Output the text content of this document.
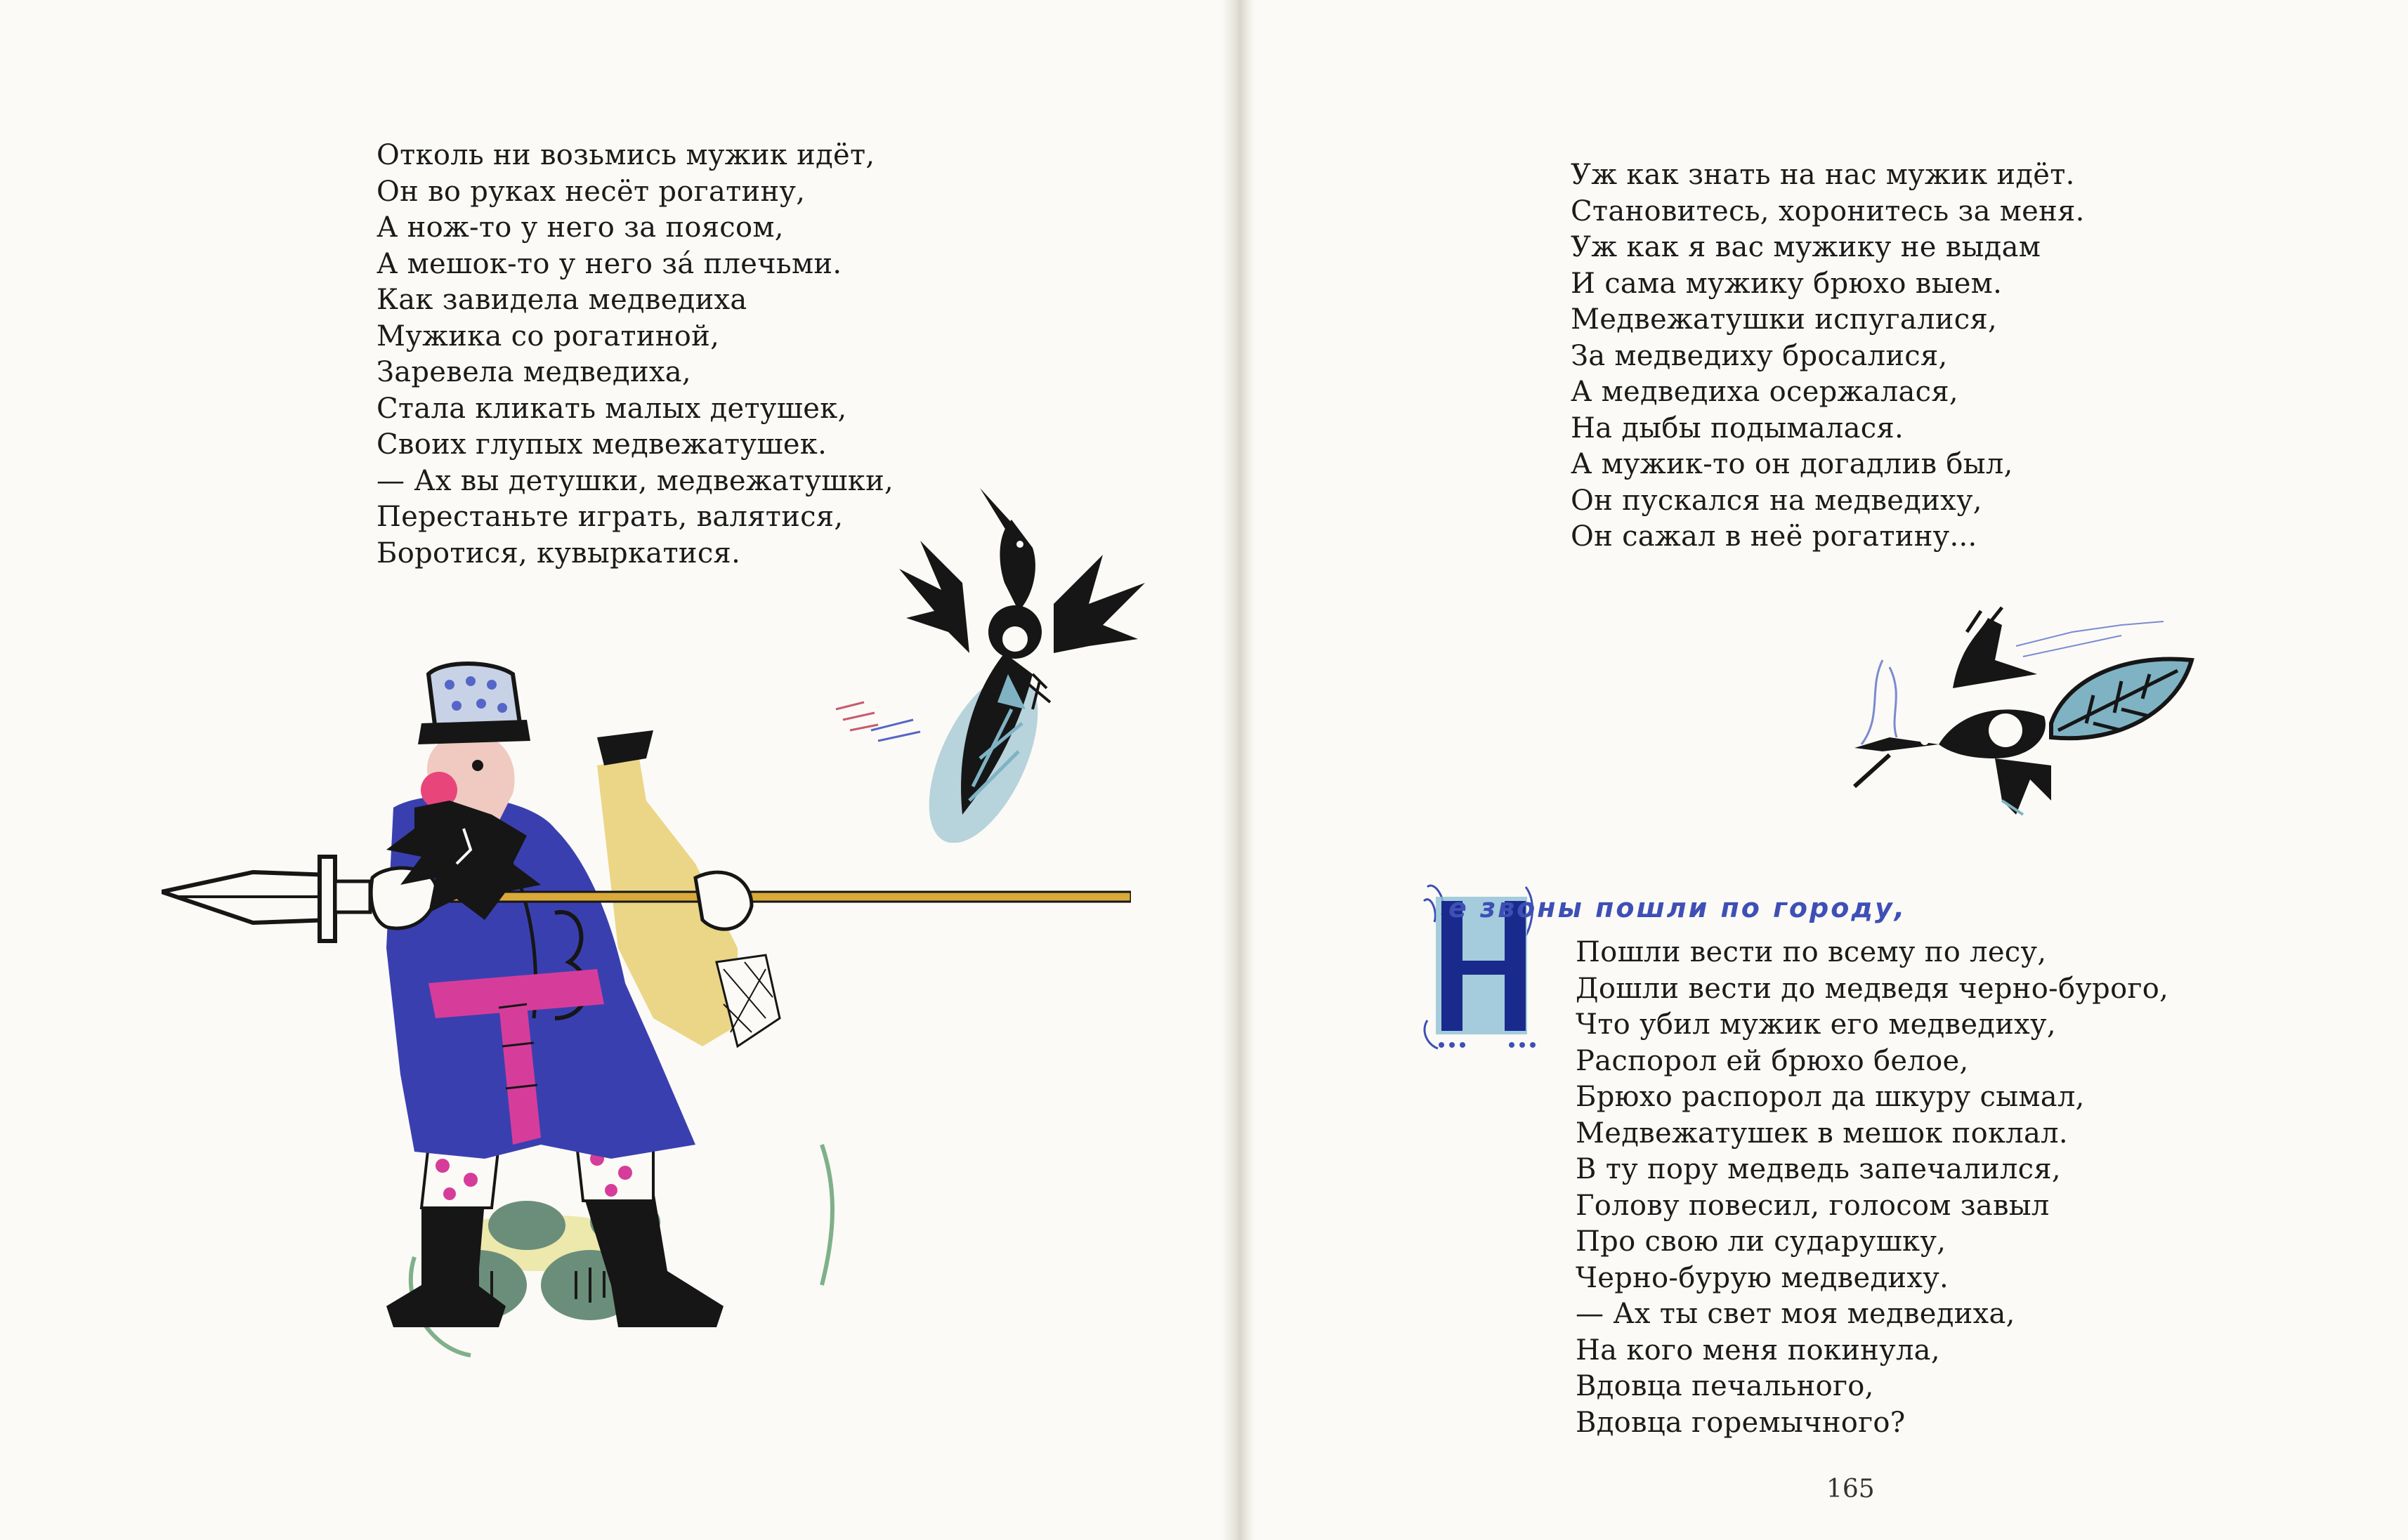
Отколь ни возьмись мужик идёт,
Он во руках несёт рогатину,
А нож-то у него за поясом,
А мешок-то у него за́ плечьми.
Как завидела медведиха
Мужика со рогатиной,
Заревела медведиха,
Стала кликать малых детушек,
Своих глупых медвежатушек.
— Ах вы детушки, медвежатушки,
Перестаньте играть, валятися,
Боротися, кувыркатися.
Уж как знать на нас мужик идёт.
Становитесь, хоронитесь за меня.
Уж как я вас мужику не выдам
И сама мужику брюхо выем.
Медвежатушки испугалися,
За медведиху бросалися,
А медведиха осержалася,
На дыбы подымалася.
А мужик-то он догадлив был,
Он пускался на медведиху,
Он сажал в неё рогатину...
Н
е звоны пошли по городу,
Пошли вести по всему по лесу,
Дошли вести до медведя черно-бурого,
Что убил мужик его медведиху,
Распорол ей брюхо белое,
Брюхо распорол да шкуру сымал,
Медвежатушек в мешок поклал.
В ту пору медведь запечалился,
Голову повесил, голосом завыл
Про свою ли сударушку,
Черно-бурую медведиху.
— Ах ты свет моя медведиха,
На кого меня покинула,
Вдовца печального,
Вдовца горемычного?
165
